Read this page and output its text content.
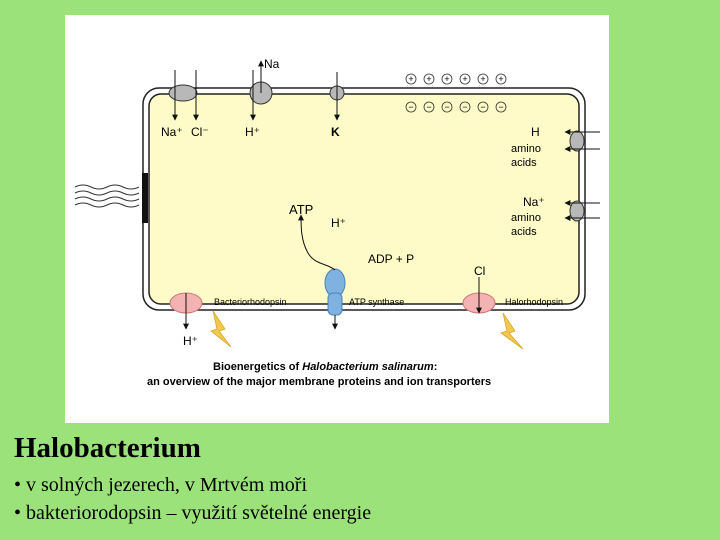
Na⁺ Cl⁻
Na
H⁺	K
+ + + + + +
− − − − − −
H
amino
acids
Na⁺
amino
acids
ATP
H⁺
ADP + P
ATP synthase
Bacteriorhodopsin
H⁺
Cl
Halorhodopsin
Bioenergetics of Halobacterium salinarum:
an overview of the major membrane proteins and ion transporters
Halobacterium
• v solných jezerech, v Mrtvém moři
• bakteriorodopsin – využití světelné energie
